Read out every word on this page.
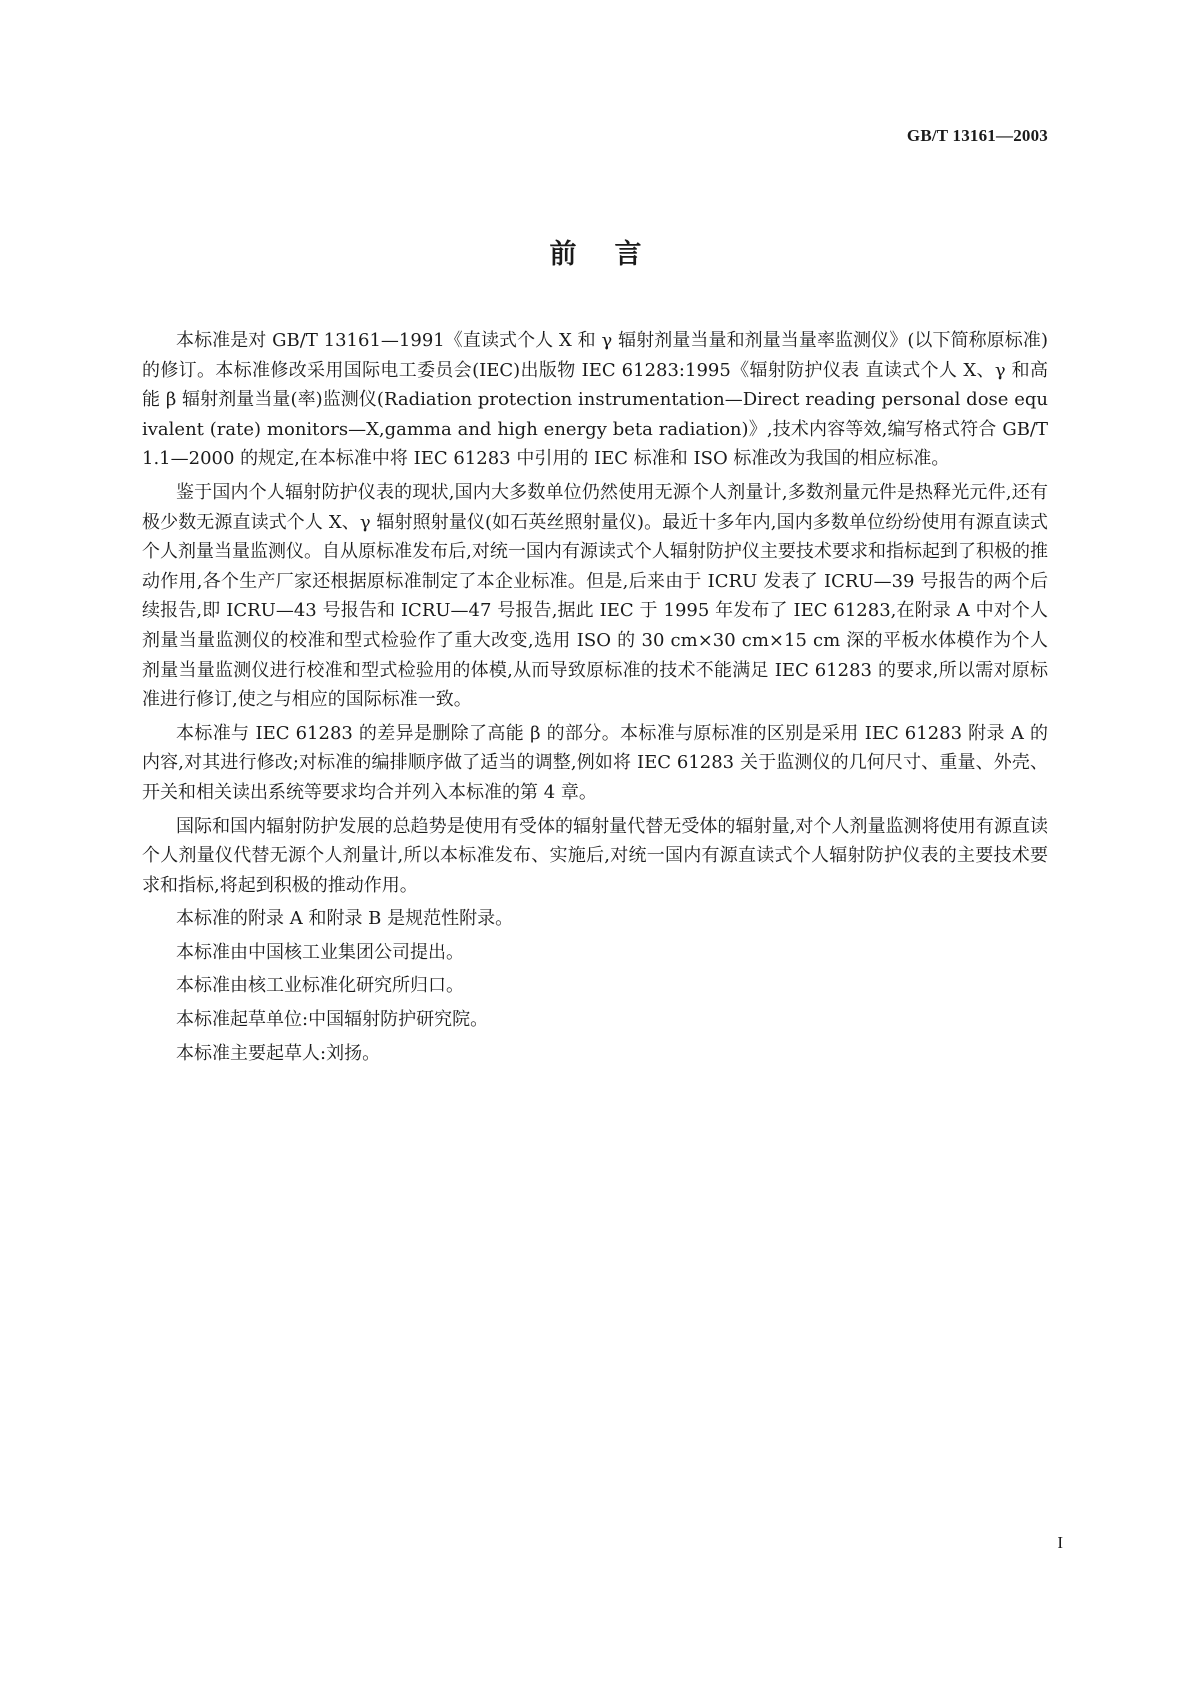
GB/T 13161—2003
前言

本标准是对 GB/T 13161—1991《直读式个人 X 和 γ 辐射剂量当量和剂量当量率监测仪》(以下简称原标准)的修订。本标准修改采用国际电工委员会(IEC)出版物 IEC 61283:1995《辐射防护仪表 直读式个人 X、γ 和高能 β 辐射剂量当量(率)监测仪(Radiation protection instrumentation—Direct reading personal dose equivalent (rate) monitors—X,gamma and high energy beta radiation)》,技术内容等效,编写格式符合 GB/T 1.1—2000 的规定,在本标准中将 IEC 61283 中引用的 IEC 标准和 ISO 标准改为我国的相应标准。

鉴于国内个人辐射防护仪表的现状,国内大多数单位仍然使用无源个人剂量计,多数剂量元件是热释光元件,还有极少数无源直读式个人 X、γ 辐射照射量仪(如石英丝照射量仪)。最近十多年内,国内多数单位纷纷使用有源直读式个人剂量当量监测仪。自从原标准发布后,对统一国内有源读式个人辐射防护仪主要技术要求和指标起到了积极的推动作用,各个生产厂家还根据原标准制定了本企业标准。但是,后来由于 ICRU 发表了 ICRU—39 号报告的两个后续报告,即 ICRU—43 号报告和 ICRU—47 号报告,据此 IEC 于 1995 年发布了 IEC 61283,在附录 A 中对个人剂量当量监测仪的校准和型式检验作了重大改变,选用 ISO 的 30 cm×30 cm×15 cm 深的平板水体模作为个人剂量当量监测仪进行校准和型式检验用的体模,从而导致原标准的技术不能满足 IEC 61283 的要求,所以需对原标准进行修订,使之与相应的国际标准一致。

本标准与 IEC 61283 的差异是删除了高能 β 的部分。本标准与原标准的区别是采用 IEC 61283 附录 A 的内容,对其进行修改;对标准的编排顺序做了适当的调整,例如将 IEC 61283 关于监测仪的几何尺寸、重量、外壳、开关和相关读出系统等要求均合并列入本标准的第 4 章。

国际和国内辐射防护发展的总趋势是使用有受体的辐射量代替无受体的辐射量,对个人剂量监测将使用有源直读个人剂量仪代替无源个人剂量计,所以本标准发布、实施后,对统一国内有源直读式个人辐射防护仪表的主要技术要求和指标,将起到积极的推动作用。

本标准的附录 A 和附录 B 是规范性附录。

本标准由中国核工业集团公司提出。

本标准由核工业标准化研究所归口。

本标准起草单位:中国辐射防护研究院。

本标准主要起草人:刘扬。

I
